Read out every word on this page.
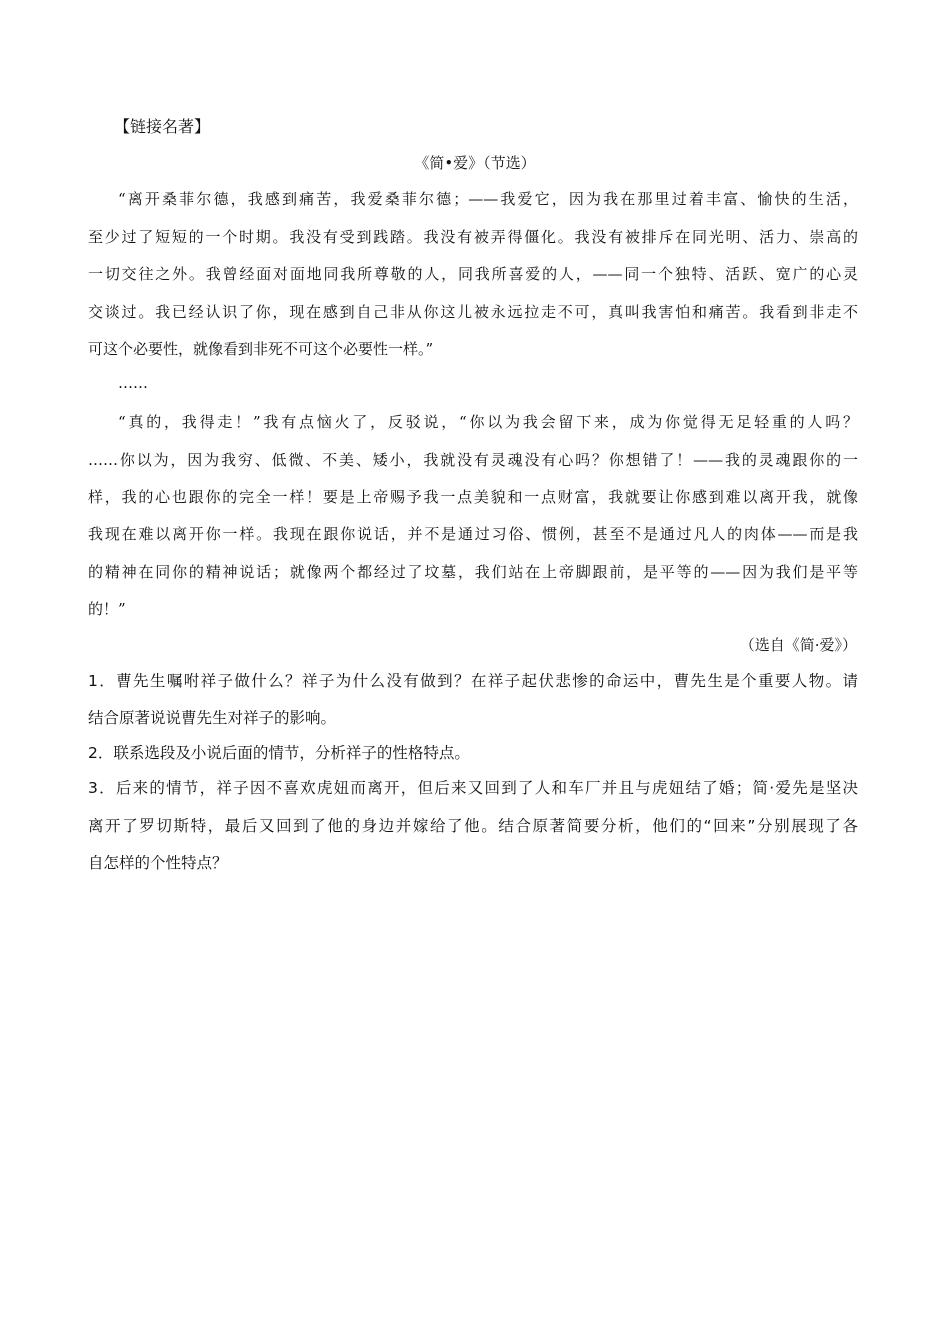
【链接名著】
《简•爱》（节选）
“离开桑菲尔德，我感到痛苦，我爱桑菲尔德；——我爱它，因为我在那里过着丰富、愉快的生活，
至少过了短短的一个时期。我没有受到践踏。我没有被弄得僵化。我没有被排斥在同光明、活力、崇高的
一切交往之外。我曾经面对面地同我所尊敬的人，同我所喜爱的人，——同一个独特、活跃、宽广的心灵
交谈过。我已经认识了你，现在感到自己非从你这儿被永远拉走不可，真叫我害怕和痛苦。我看到非走不
可这个必要性，就像看到非死不可这个必要性一样。”
……
“真的，我得走！”我有点恼火了，反驳说，“你以为我会留下来，成为你觉得无足轻重的人吗？
……你以为，因为我穷、低微、不美、矮小，我就没有灵魂没有心吗？你想错了！——我的灵魂跟你的一
样，我的心也跟你的完全一样！要是上帝赐予我一点美貌和一点财富，我就要让你感到难以离开我，就像
我现在难以离开你一样。我现在跟你说话，并不是通过习俗、惯例，甚至不是通过凡人的肉体——而是我
的精神在同你的精神说话；就像两个都经过了坟墓，我们站在上帝脚跟前，是平等的——因为我们是平等
的！”
（选自《简·爱》）
1．曹先生嘱咐祥子做什么？祥子为什么没有做到？在祥子起伏悲惨的命运中，曹先生是个重要人物。请
结合原著说说曹先生对祥子的影响。
2．联系选段及小说后面的情节，分析祥子的性格特点。
3．后来的情节，祥子因不喜欢虎妞而离开，但后来又回到了人和车厂并且与虎妞结了婚；简·爱先是坚决
离开了罗切斯特，最后又回到了他的身边并嫁给了他。结合原著简要分析，他们的“回来”分别展现了各
自怎样的个性特点？
